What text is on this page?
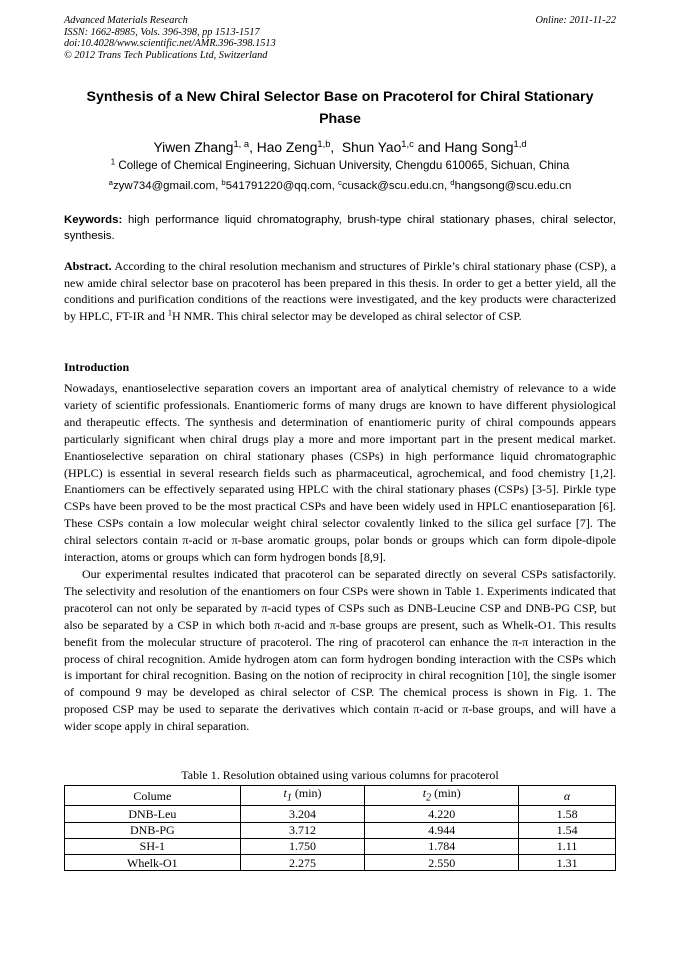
Advanced Materials Research
ISSN: 1662-8985, Vols. 396-398, pp 1513-1517
doi:10.4028/www.scientific.net/AMR.396-398.1513
© 2012 Trans Tech Publications Ltd, Switzerland
Online: 2011-11-22
Synthesis of a New Chiral Selector Base on Pracoterol for Chiral Stationary Phase
Yiwen Zhang$^{1, a}$, Hao Zeng$^{1,b}$,  Shun Yao$^{1,c}$ and Hang Song$^{1,d}$
$^1$ College of Chemical Engineering, Sichuan University, Chengdu 610065, Sichuan, China
$^a$zyw734@gmail.com, $^b$541791220@qq.com, $^c$cusack@scu.edu.cn, $^d$hangsong@scu.edu.cn
Keywords: high performance liquid chromatography, brush-type chiral stationary phases, chiral selector, synthesis.
Abstract. According to the chiral resolution mechanism and structures of Pirkle’s chiral stationary phase (CSP), a new amide chiral selector base on pracoterol has been prepared in this thesis. In order to get a better yield, all the conditions and purification conditions of the reactions were investigated, and the key products were characterized by HPLC, FT-IR and $^1$H NMR. This chiral selector may be developed as chiral selector of CSP.
Introduction

Nowadays, enantioselective separation covers an important area of analytical chemistry of relevance to a wide variety of scientific professionals. Enantiomeric forms of many drugs are known to have different physiological and therapeutic effects. The synthesis and determination of enantiomeric purity of chiral compounds appears particularly significant when chiral drugs play a more and more important part in the present medical market. Enantioselective separation on chiral stationary phases (CSPs) in high performance liquid chromatographic (HPLC) is essential in several research fields such as pharmaceutical, agrochemical, and food chemistry [1,2]. Enantiomers can be effectively separated using HPLC with the chiral stationary phases (CSPs) [3-5]. Pirkle type CSPs have been proved to be the most practical CSPs and have been widely used in HPLC enantioseparation [6]. These CSPs contain a low molecular weight chiral selector covalently linked to the silica gel surface [7]. The chiral selectors contain π-acid or π-base aromatic groups, polar bonds or groups which can form dipole-dipole interaction, atoms or groups which can form hydrogen bonds [8,9].

Our experimental resultes indicated that pracoterol can be separated directly on several CSPs satisfactorily. The selectivity and resolution of the enantiomers on four CSPs were shown in Table 1. Experiments indicated that pracoterol can not only be separated by π-acid types of CSPs such as DNB-Leucine CSP and DNB-PG CSP, but also be separated by a CSP in which both π-acid and π-base groups are present, such as Whelk-O1. This results benefit from the molecular structure of pracoterol. The ring of pracoterol can enhance the π-π interaction in the process of chiral recognition. Amide hydrogen atom can form hydrogen bonding interaction with the CSPs which is important for chiral recognition. Basing on the notion of reciprocity in chiral recognition [10], the single isomer of compound 9 may be developed as chiral selector of CSP. The chemical process is shown in Fig. 1. The proposed CSP may be used to separate the derivatives which contain π-acid or π-base groups, and will have a wider scope apply in chiral separation.

Table 1. Resolution obtained using various columns for pracoterol
Colume	$t_1$ (min)	$t_2$ (min)	α
DNB-Leu	3.204	4.220	1.58
DNB-PG	3.712	4.944	1.54
SH-1	1.750	1.784	1.11
Whelk-O1	2.275	2.550	1.31
